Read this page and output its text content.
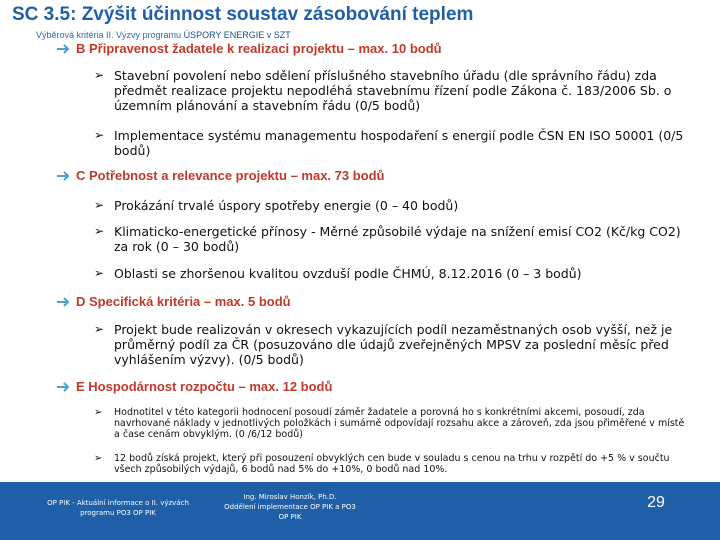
SC 3.5: Zvýšit účinnost soustav zásobování teplem
Výběrová kritéria II. Výzvy programu ÚSPORY ENERGIE v SZT
B Připravenost žadatele k realizaci projektu – max. 10 bodů
➢ Stavební povolení nebo sdělení příslušného stavebního úřadu (dle správního řádu) zda předmět realizace projektu nepodléhá stavebnímu řízení podle Zákona č. 183/2006 Sb. o územním plánování a stavebním řádu (0/5 bodů)
➢ Implementace systému managementu hospodaření s energií podle ČSN EN ISO 50001 (0/5 bodů)
C Potřebnost a relevance projektu – max. 73 bodů
➢ Prokázání trvalé úspory spotřeby energie (0 – 40 bodů)
➢ Klimaticko-energetické přínosy - Měrné způsobilé výdaje na snížení emisí CO2 (Kč/kg CO2) za rok (0 – 30 bodů)
➢ Oblasti se zhoršenou kvalitou ovzduší podle ČHMÚ, 8.12.2016 (0 – 3 bodů)
D Specifická kritéria – max. 5 bodů
➢ Projekt bude realizován v okresech vykazujících podíl nezaměstnaných osob vyšší, než je průměrný podíl za ČR (posuzováno dle údajů zveřejněných MPSV za poslední měsíc před vyhlášením výzvy). (0/5 bodů)
E Hospodárnost rozpočtu – max. 12 bodů
➢	Hodnotitel v této kategorii hodnocení posoudí záměr žadatele a porovná ho s konkrétními akcemi, posoudí, zda navrhované náklady v jednotlivých položkách i sumárně odpovídají rozsahu akce a zároveň, zda jsou přiměřené v místě a čase cenám obvyklým. (0 /6/12 bodů)
➢	12 bodů získá projekt, který při posouzení obvyklých cen bude v souladu s cenou na trhu v rozpětí do +5 % v součtu všech způsobilých výdajů, 6 bodů nad 5% do +10%, 0 bodů nad 10%.
OP PIK - Aktuální informace o II. výzvách
programu PO3 OP PIK
Ing. Miroslav Honzík, Ph.D.
Oddělení implementace OP PIK a PO3
OP PIK
29
